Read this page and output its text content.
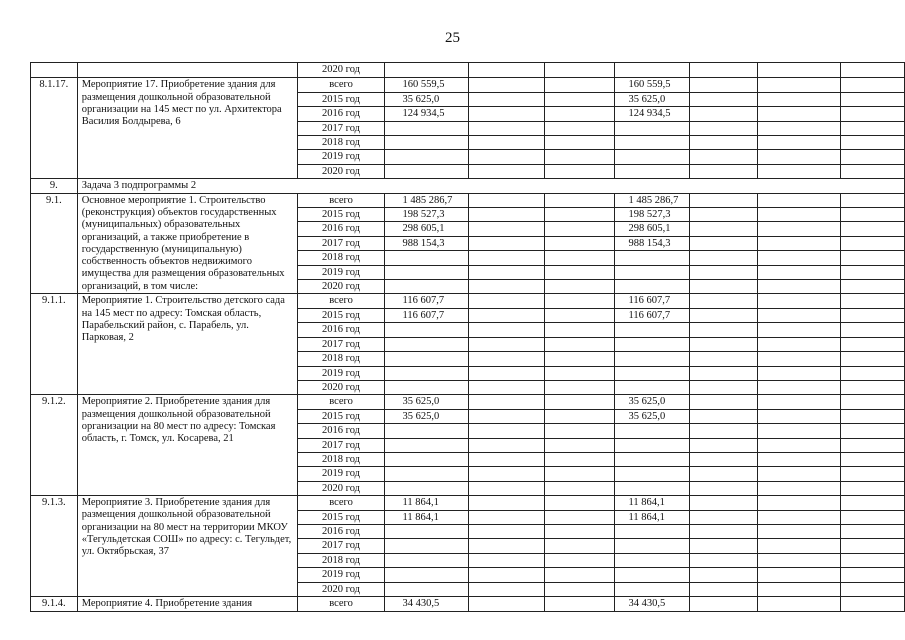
25
		2020 год							
8.1.17.	Мероприятие 17. Приобретение здания для размещения дошкольной образовательной организации на 145 мест по ул. Архитектора Василия Болдырева, 6	всего	160 559,5			160 559,5			
		2015 год	35 625,0			35 625,0			
		2016 год	124 934,5			124 934,5			
		2017 год							
		2018 год							
		2019 год							
		2020 год							
9.	Задача 3 подпрограммы 2								
9.1.	Основное мероприятие 1. Строительство (реконструкция) объектов государственных (муниципальных) образовательных организаций, а также приобретение в государственную (муниципальную) собственность объектов недвижимого имущества для размещения образовательных организаций, в том числе:	всего	1 485 286,7			1 485 286,7			
		2015 год	198 527,3			198 527,3			
		2016 год	298 605,1			298 605,1			
		2017 год	988 154,3			988 154,3			
		2018 год							
		2019 год							
		2020 год							
9.1.1.	Мероприятие 1. Строительство детского сада на 145 мест по адресу: Томская область, Парабельский район, с. Парабель, ул. Парковая, 2	всего	116 607,7			116 607,7			
		2015 год	116 607,7			116 607,7			
		2016 год							
		2017 год							
		2018 год							
		2019 год							
		2020 год							
9.1.2.	Мероприятие 2. Приобретение здания для размещения дошкольной образовательной организации на 80 мест по адресу: Томская область, г. Томск, ул. Косарева, 21	всего	35 625,0			35 625,0			
		2015 год	35 625,0			35 625,0			
		2016 год							
		2017 год							
		2018 год							
		2019 год							
		2020 год							
9.1.3.	Мероприятие 3. Приобретение здания для размещения дошкольной образовательной организации на 80 мест на территории МКОУ «Тегульдетская СОШ» по адресу: с. Тегульдет, ул. Октябрьская, 37	всего	11 864,1			11 864,1			
		2015 год	11 864,1			11 864,1			
		2016 год							
		2017 год							
		2018 год							
		2019 год							
		2020 год							
9.1.4.	Мероприятие 4. Приобретение здания	всего	34 430,5			34 430,5			
